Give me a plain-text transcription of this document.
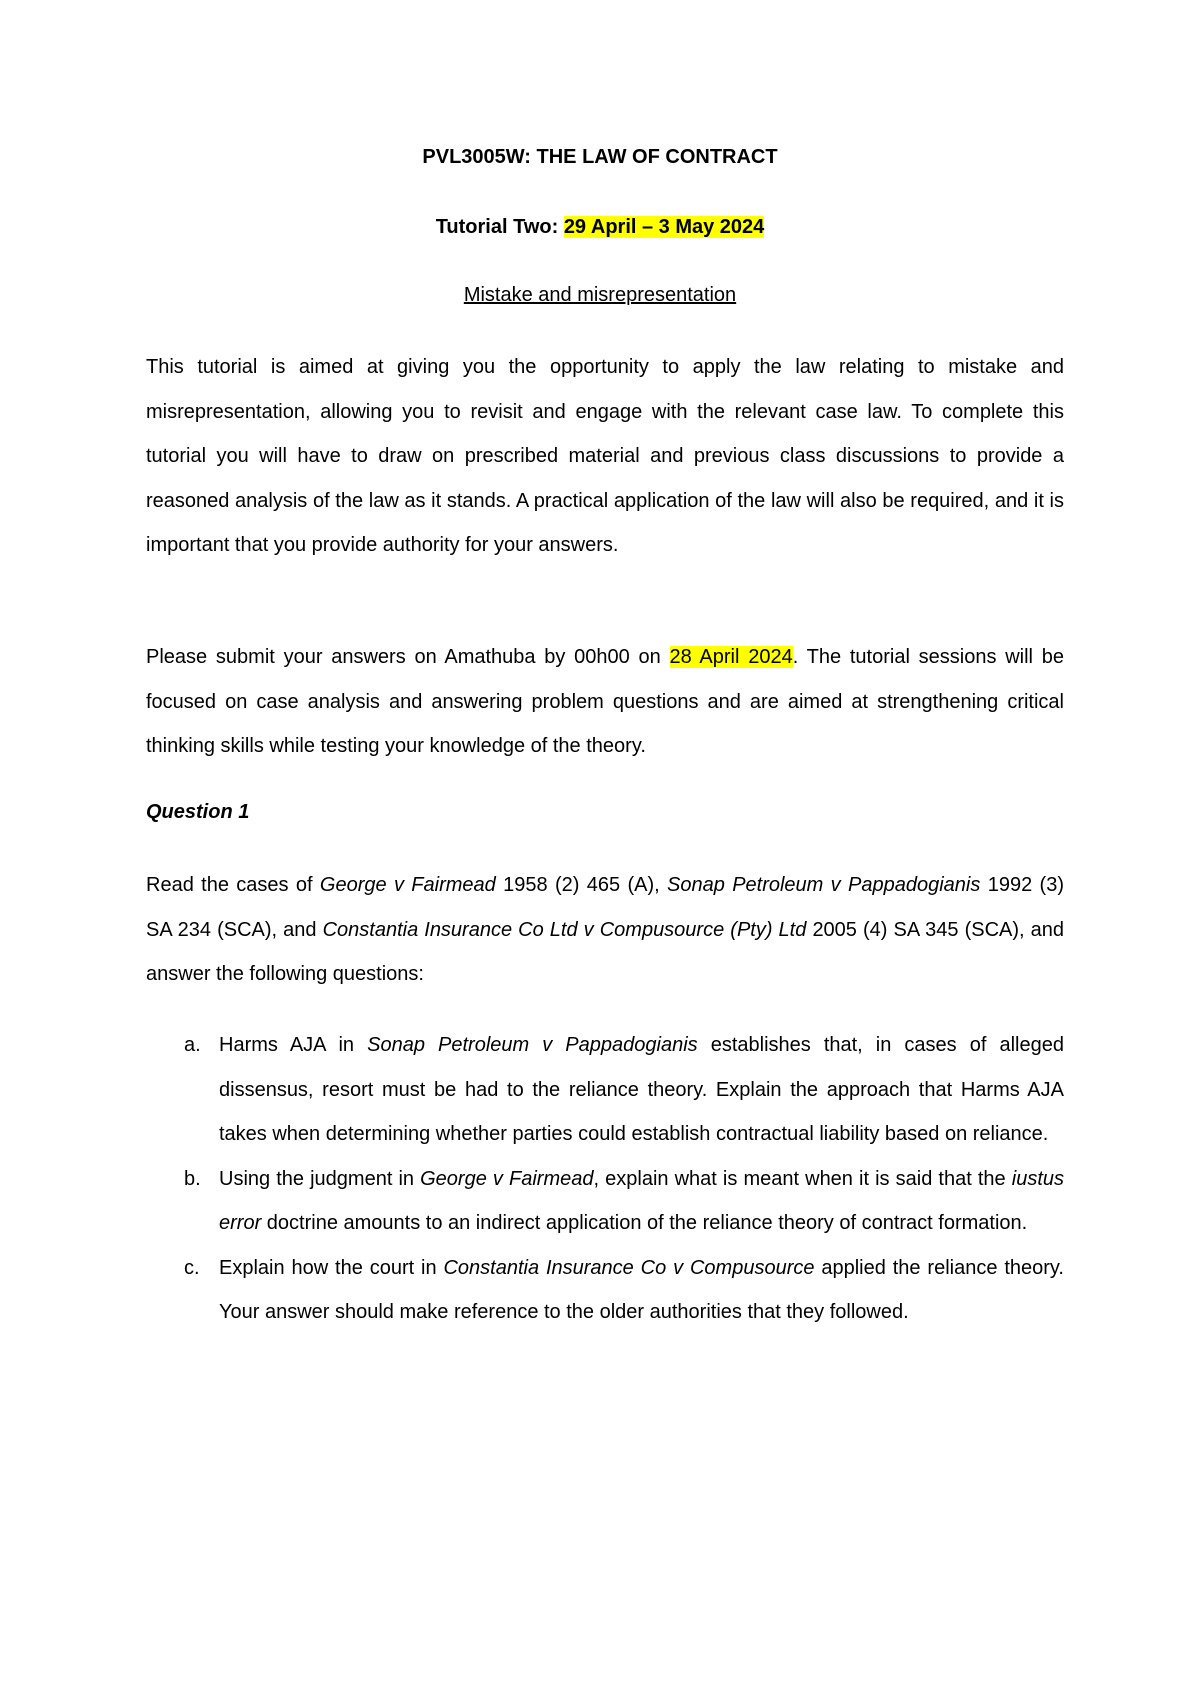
PVL3005W: THE LAW OF CONTRACT
Tutorial Two: 29 April – 3 May 2024
Mistake and misrepresentation

This tutorial is aimed at giving you the opportunity to apply the law relating to mistake and misrepresentation, allowing you to revisit and engage with the relevant case law. To complete this tutorial you will have to draw on prescribed material and previous class discussions to provide a reasoned analysis of the law as it stands. A practical application of the law will also be required, and it is important that you provide authority for your answers.

Please submit your answers on Amathuba by 00h00 on 28 April 2024. The tutorial sessions will be focused on case analysis and answering problem questions and are aimed at strengthening critical thinking skills while testing your knowledge of the theory.

Question 1

Read the cases of George v Fairmead 1958 (2) 465 (A), Sonap Petroleum v Pappadogianis 1992 (3) SA 234 (SCA), and Constantia Insurance Co Ltd v Compusource (Pty) Ltd 2005 (4) SA 345 (SCA), and answer the following questions:

a. Harms AJA in Sonap Petroleum v Pappadogianis establishes that, in cases of alleged dissensus, resort must be had to the reliance theory. Explain the approach that Harms AJA takes when determining whether parties could establish contractual liability based on reliance.
b. Using the judgment in George v Fairmead, explain what is meant when it is said that the iustus error doctrine amounts to an indirect application of the reliance theory of contract formation.
c. Explain how the court in Constantia Insurance Co v Compusource applied the reliance theory. Your answer should make reference to the older authorities that they followed.
